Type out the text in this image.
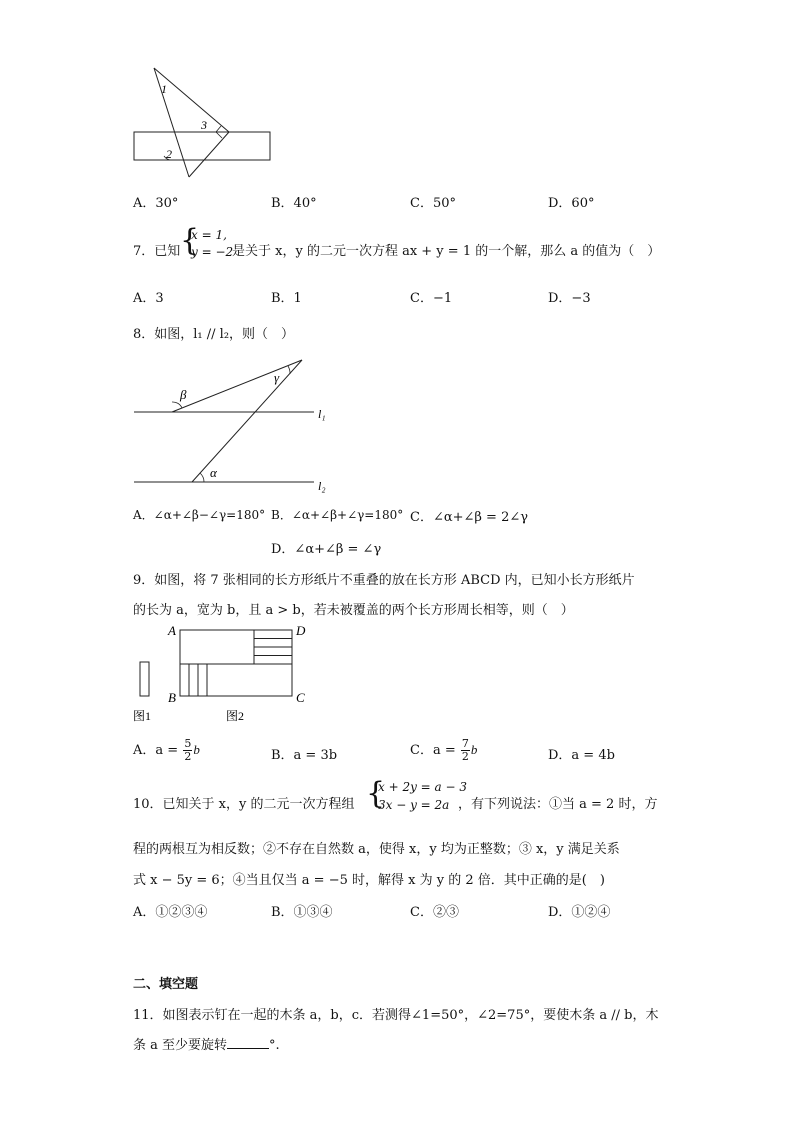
1
3
2
A．30°	B．40°	C．50°	D．60°
7．已知 {
x = 1,
y = −2
是关于 x，y 的二元一次方程 ax + y = 1 的一个解，那么 a 的值为（　）
A．3	B．1	C．−1	D．−3
8．如图，l₁ // l₂，则（　）
β
γ
α
l₁
l₂
A．∠α+∠β−∠γ=180° B．∠α+∠β+∠γ=180° C．∠α+∠β = 2∠γ
D．∠α+∠β = ∠γ
9．如图，将 7 张相同的长方形纸片不重叠的放在长方形 ABCD 内，已知小长方形纸片
的长为 a，宽为 b，且 a > b，若未被覆盖的两个长方形周长相等，则（　）
A	D
B	C
图1	图2
A．$a = \frac{5}{2}$ b	B．a = 3b	C．$a = \frac{7}{2}$ b	D．a = 4b
10．已知关于 x，y 的二元一次方程组 {
x + 2y = a − 3
3x − y = 2a ，有下列说法：①当 a = 2 时，方
程的两根互为相反数；②不存在自然数 a，使得 x，y 均为正整数；③ x，y 满足关系
式 x − 5y = 6；④当且仅当 a = −5 时，解得 x 为 y 的 2 倍．其中正确的是(　)
A．①②③④	B．①③④	C．②③	D．①②④
二、填空题
11．如图表示钉在一起的木条 a，b，c．若测得∠1=50°，∠2=75°，要使木条 a // b，木
条 a 至少要旋转	°.
